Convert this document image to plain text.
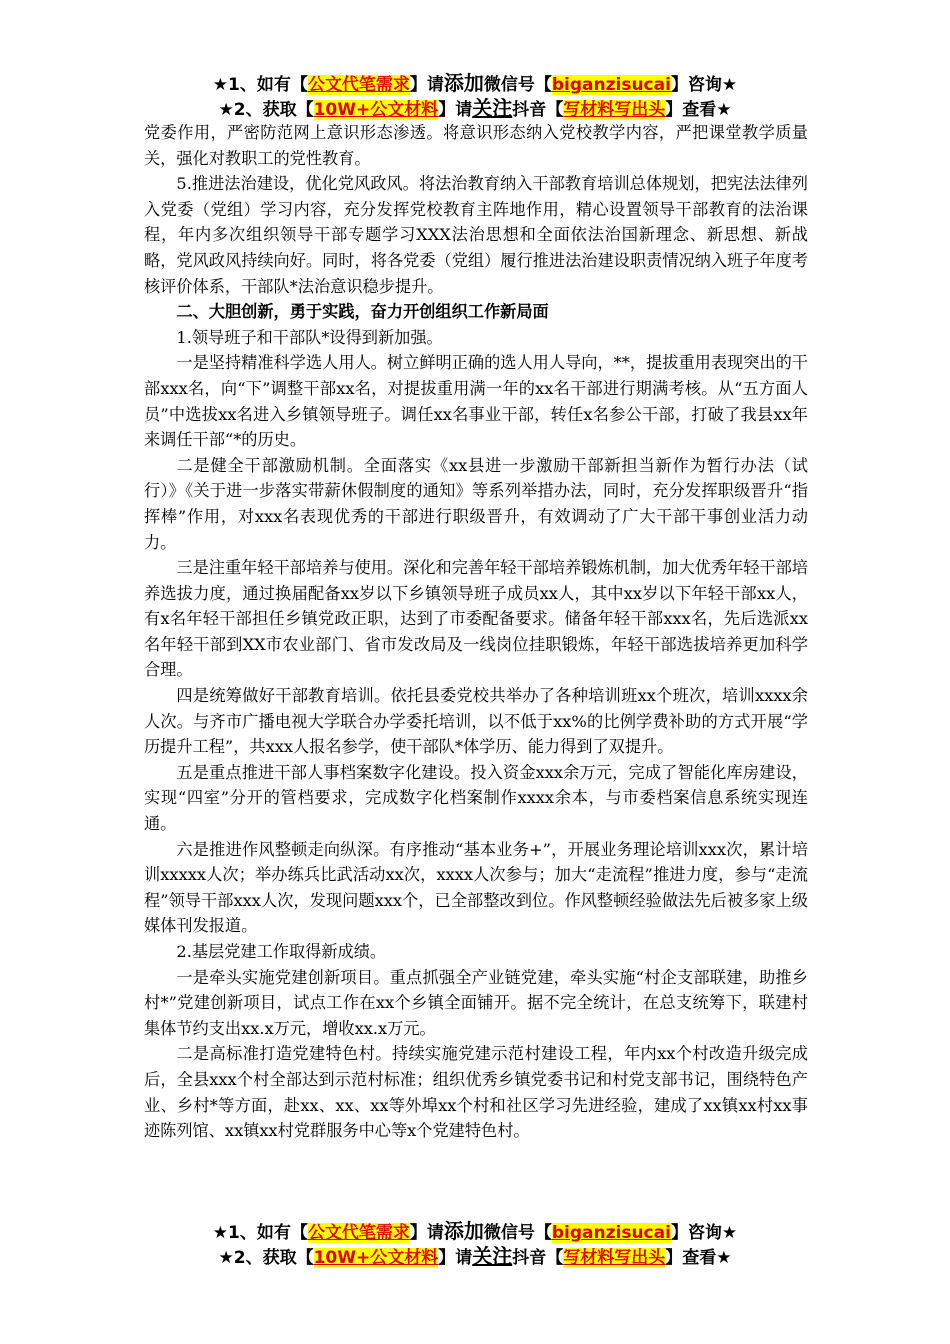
★1、如有【公文代笔需求】请添加微信号【biganzisucai】咨询★
★2、获取【10W+公文材料】请关注抖音【写材料写出头】查看★

党委作用，严密防范网上意识形态渗透。将意识形态纳入党校教学内容，严把课堂教学质量关，强化对教职工的党性教育。

5.推进法治建设，优化党风政风。将法治教育纳入干部教育培训总体规划，把宪法法律列入党委（党组）学习内容，充分发挥党校教育主阵地作用，精心设置领导干部教育的法治课程，年内多次组织领导干部专题学习XXX法治思想和全面依法治国新理念、新思想、新战略，党风政风持续向好。同时，将各党委（党组）履行推进法治建设职责情况纳入班子年度考核评价体系，干部队*法治意识稳步提升。

二、大胆创新，勇于实践，奋力开创组织工作新局面

1.领导班子和干部队*设得到新加强。

一是坚持精准科学选人用人。树立鲜明正确的选人用人导向，**，提拔重用表现突出的干部xxx名，向“下”调整干部xx名，对提拔重用满一年的xx名干部进行期满考核。从“五方面人员”中选拔xx名进入乡镇领导班子。调任xx名事业干部，转任x名参公干部，打破了我县xx年来调任干部“*的历史。

二是健全干部激励机制。全面落实《xx县进一步激励干部新担当新作为暂行办法（试行）》《关于进一步落实带薪休假制度的通知》等系列举措办法，同时，充分发挥职级晋升“指挥棒”作用，对xxx名表现优秀的干部进行职级晋升，有效调动了广大干部干事创业活力动力。

三是注重年轻干部培养与使用。深化和完善年轻干部培养锻炼机制，加大优秀年轻干部培养选拔力度，通过换届配备xx岁以下乡镇领导班子成员xx人，其中xx岁以下年轻干部xx人，有x名年轻干部担任乡镇党政正职，达到了市委配备要求。储备年轻干部xxx名，先后选派xx名年轻干部到XX市农业部门、省市发改局及一线岗位挂职锻炼，年轻干部选拔培养更加科学合理。

四是统筹做好干部教育培训。依托县委党校共举办了各种培训班xx个班次，培训xxxx余人次。与齐市广播电视大学联合办学委托培训，以不低于xx%的比例学费补助的方式开展“学历提升工程”，共xxx人报名参学，使干部队*体学历、能力得到了双提升。

五是重点推进干部人事档案数字化建设。投入资金xxx余万元，完成了智能化库房建设，实现“四室”分开的管档要求，完成数字化档案制作xxxx余本，与市委档案信息系统实现连通。

六是推进作风整顿走向纵深。有序推动“基本业务+”，开展业务理论培训xxx次，累计培训xxxxx人次；举办练兵比武活动xx次，xxxx人次参与；加大“走流程”推进力度，参与“走流程”领导干部xxx人次，发现问题xxx个，已全部整改到位。作风整顿经验做法先后被多家上级媒体刊发报道。

2.基层党建工作取得新成绩。

一是牵头实施党建创新项目。重点抓强全产业链党建，牵头实施“村企支部联建，助推乡村*”党建创新项目，试点工作在xx个乡镇全面铺开。据不完全统计，在总支统筹下，联建村集体节约支出xx.x万元，增收xx.x万元。

二是高标准打造党建特色村。持续实施党建示范村建设工程，年内xx个村改造升级完成后，全县xxx个村全部达到示范村标准；组织优秀乡镇党委书记和村党支部书记，围绕特色产业、乡村*等方面，赴xx、xx、xx等外埠xx个村和社区学习先进经验，建成了xx镇xx村xx事迹陈列馆、xx镇xx村党群服务中心等x个党建特色村。

★1、如有【公文代笔需求】请添加微信号【biganzisucai】咨询★
★2、获取【10W+公文材料】请关注抖音【写材料写出头】查看★
